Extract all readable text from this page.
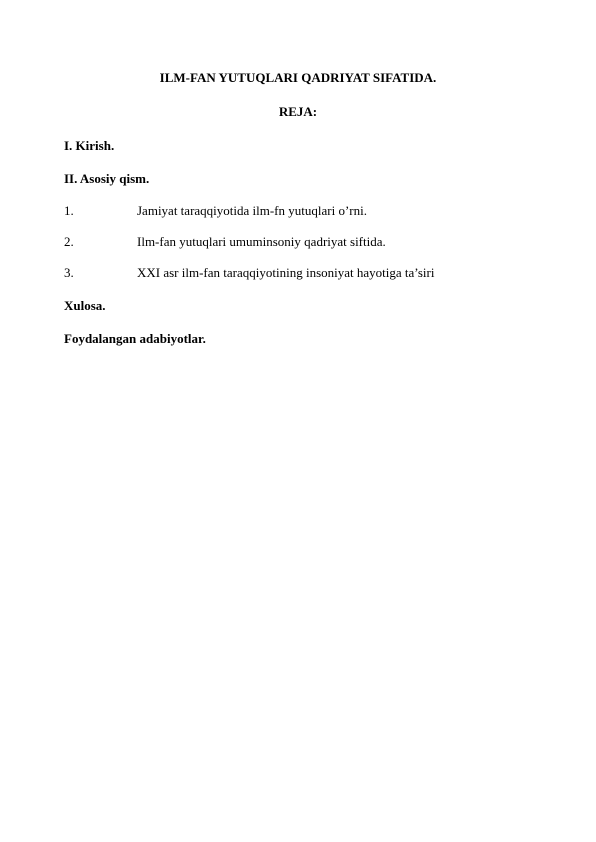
ILM-FAN YUTUQLARI QADRIYAT SIFATIDA.
REJA:
I. Kirish.
II. Asosiy qism.
1.	Jamiyat taraqqiyotida ilm-fn yutuqlari o’rni.
2.	Ilm-fan yutuqlari umuminsoniy qadriyat siftida.
3.	XXI asr ilm-fan taraqqiyotining insoniyat hayotiga ta’siri
Xulosa.
Foydalangan adabiyotlar.
